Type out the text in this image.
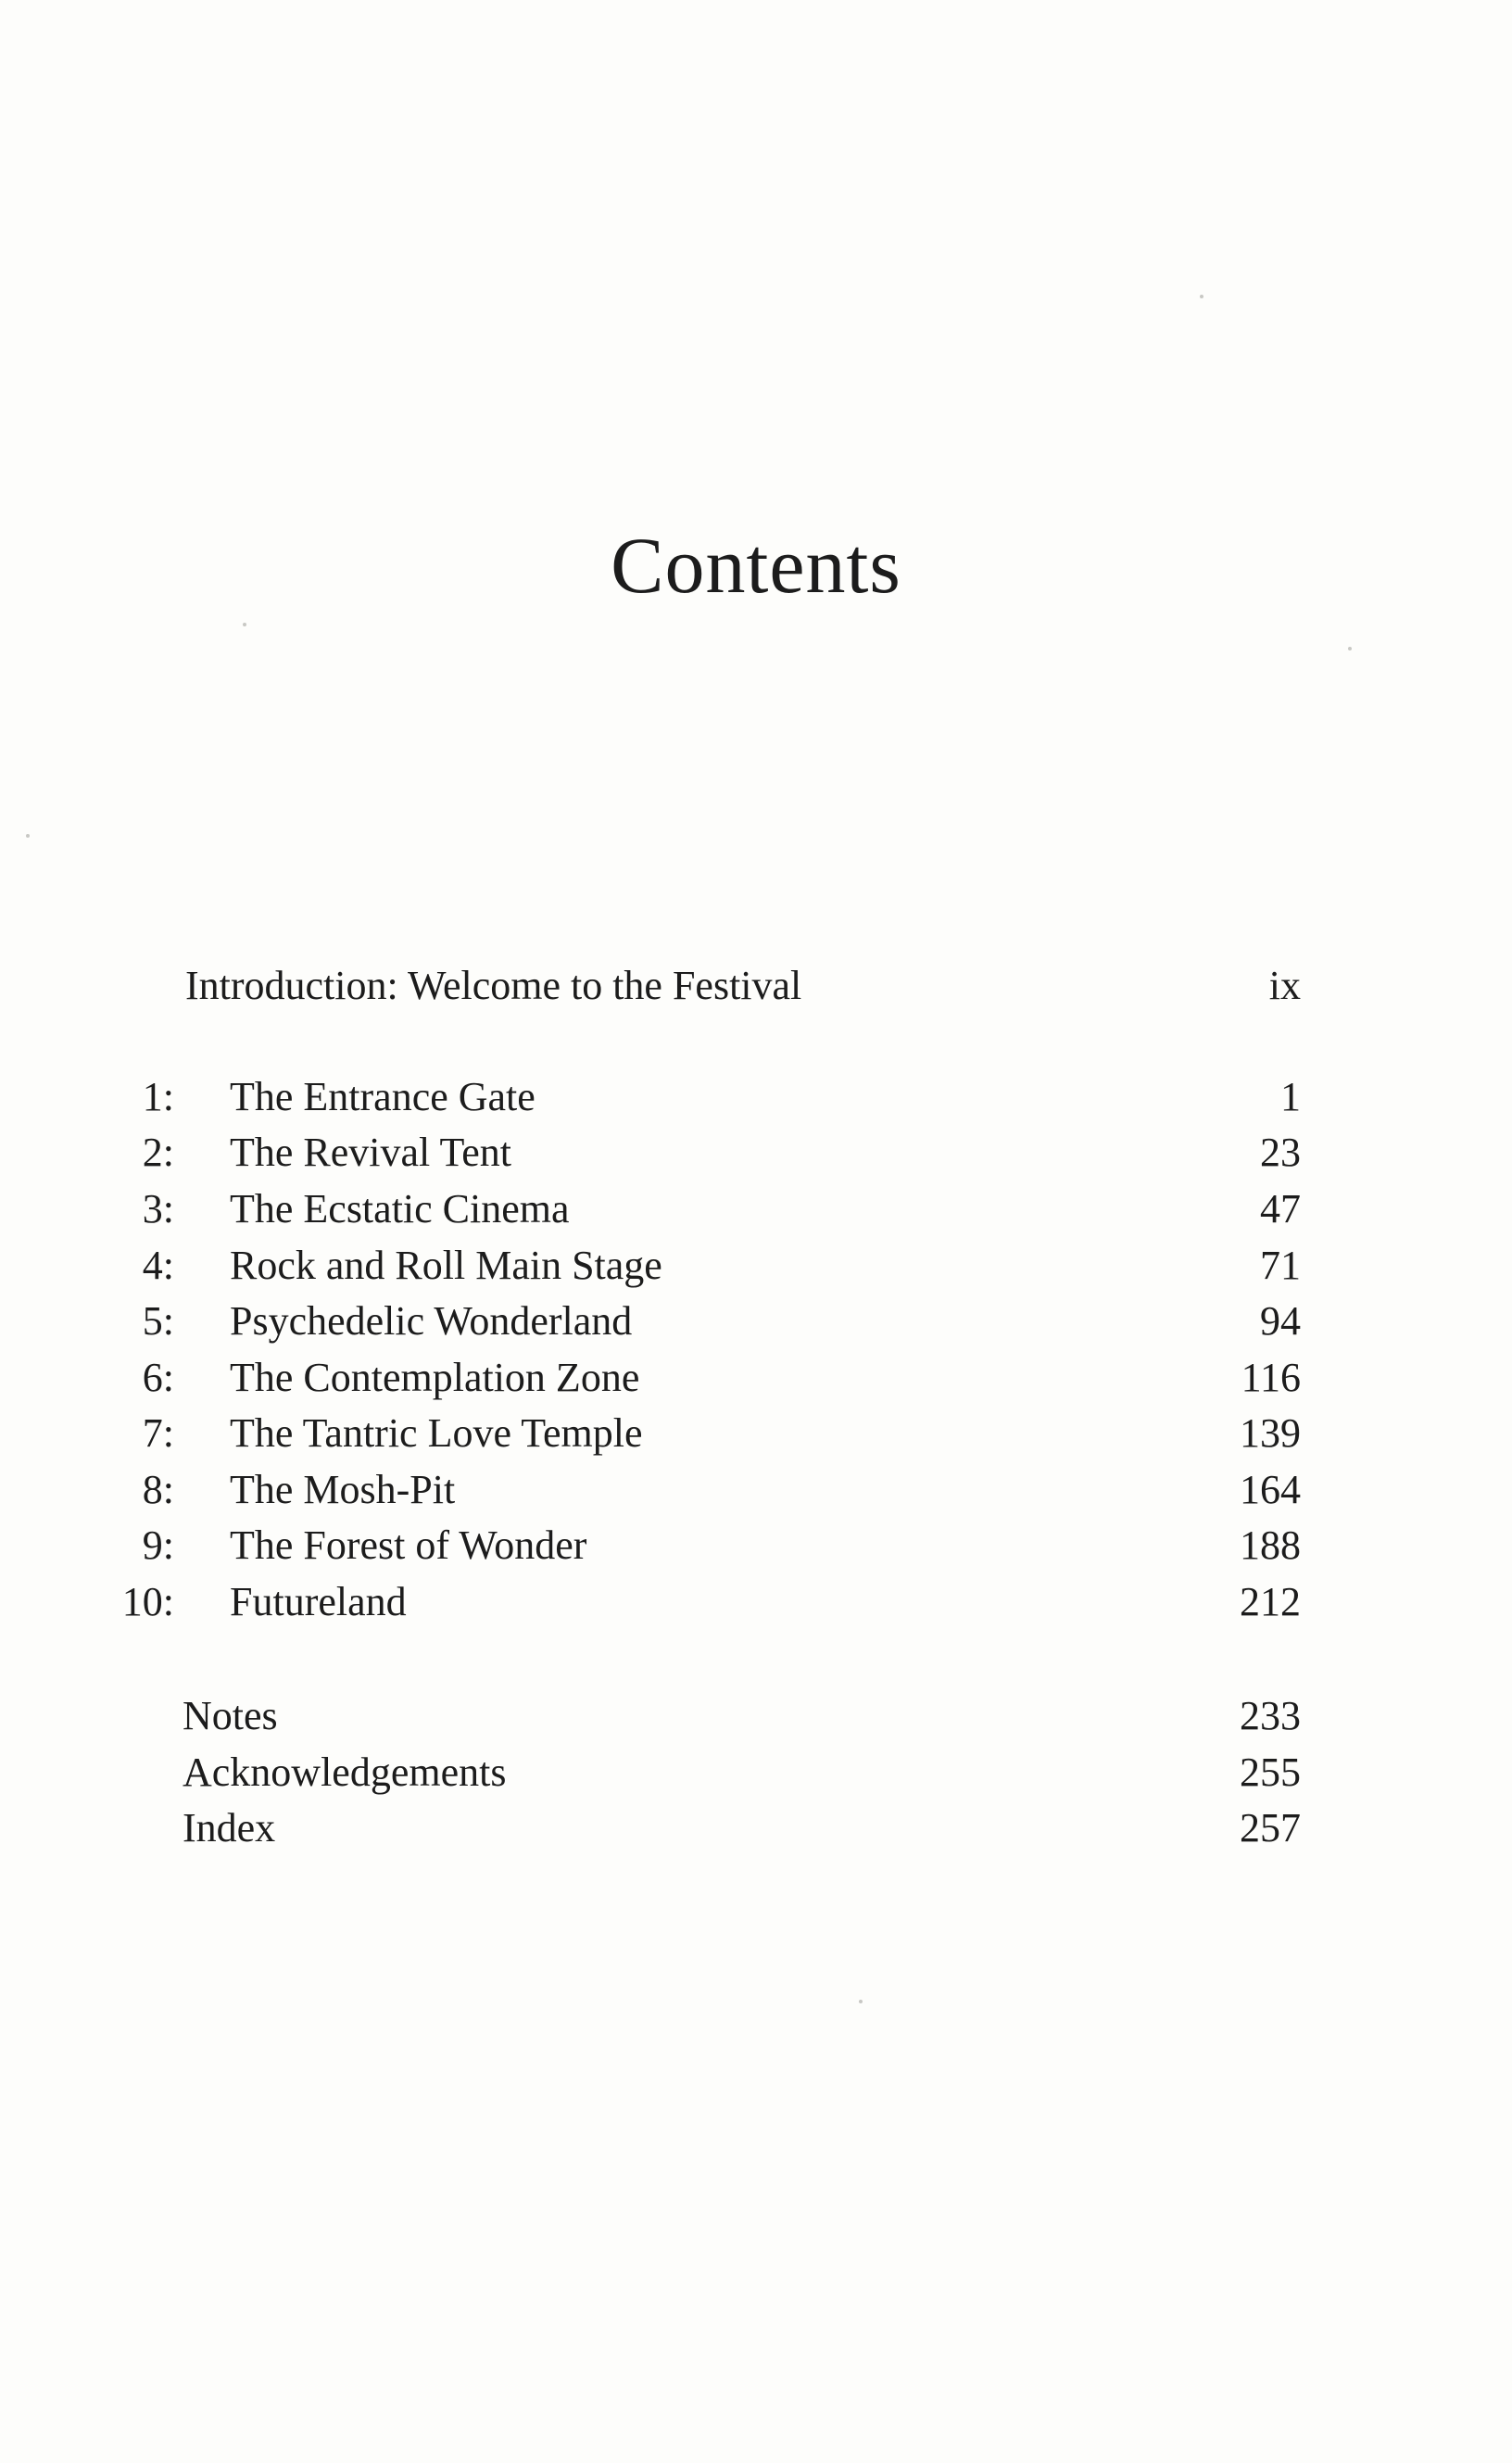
Contents
Introduction: Welcome to the Festival	ix
1: The Entrance Gate	1
2: The Revival Tent	23
3: The Ecstatic Cinema	47
4: Rock and Roll Main Stage	71
5: Psychedelic Wonderland	94
6: The Contemplation Zone	116
7: The Tantric Love Temple	139
8: The Mosh-Pit	164
9: The Forest of Wonder	188
10: Futureland	212
Notes	233
Acknowledgements	255
Index	257
